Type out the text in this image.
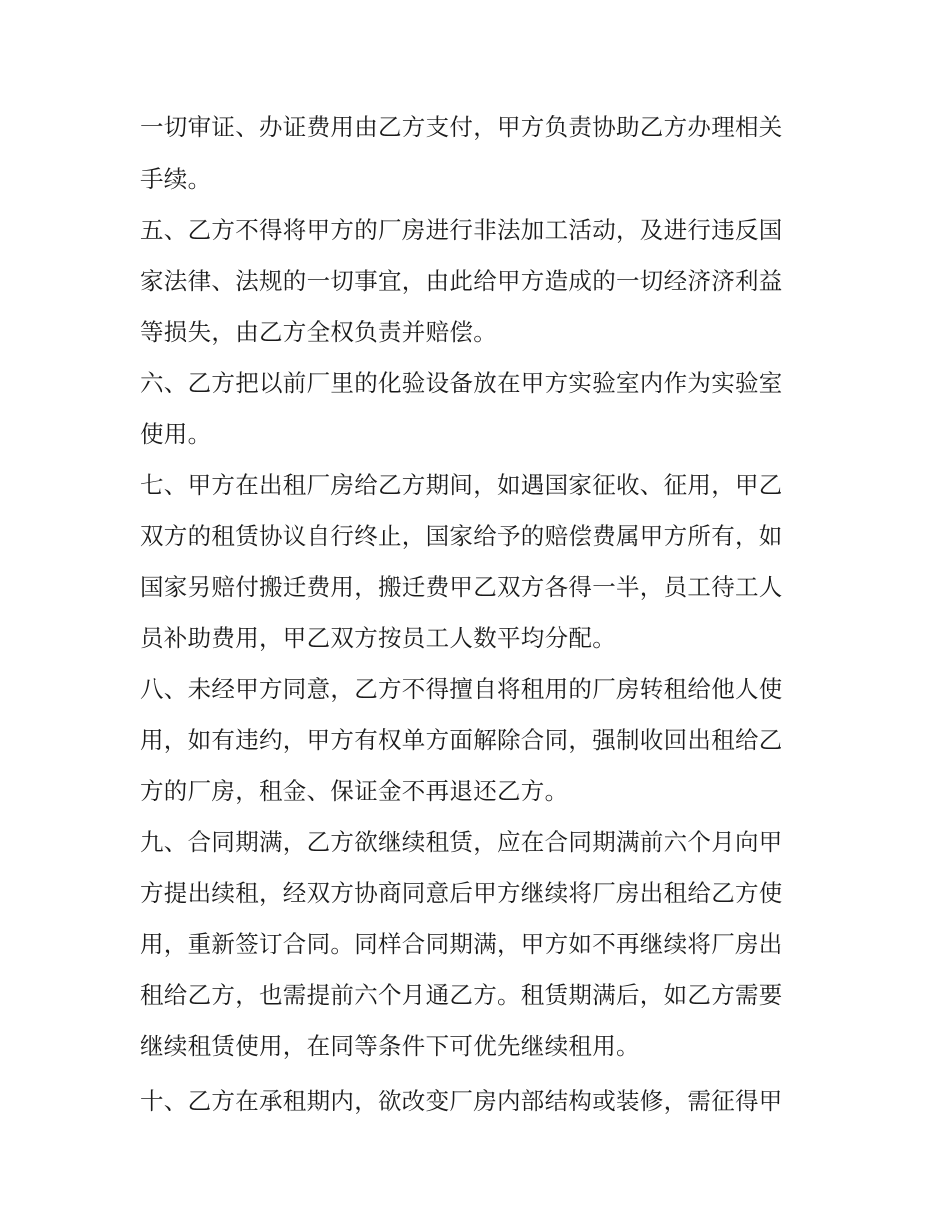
一切审证、办证费用由乙方支付，甲方负责协助乙方办理相关
手续。
五、乙方不得将甲方的厂房进行非法加工活动，及进行违反国
家法律、法规的一切事宜，由此给甲方造成的一切经济济利益
等损失，由乙方全权负责并赔偿。
六、乙方把以前厂里的化验设备放在甲方实验室内作为实验室
使用。
七、甲方在出租厂房给乙方期间，如遇国家征收、征用，甲乙
双方的租赁协议自行终止，国家给予的赔偿费属甲方所有，如
国家另赔付搬迁费用，搬迁费甲乙双方各得一半，员工待工人
员补助费用，甲乙双方按员工人数平均分配。
八、未经甲方同意，乙方不得擅自将租用的厂房转租给他人使
用，如有违约，甲方有权单方面解除合同，强制收回出租给乙
方的厂房，租金、保证金不再退还乙方。
九、合同期满，乙方欲继续租赁，应在合同期满前六个月向甲
方提出续租，经双方协商同意后甲方继续将厂房出租给乙方使
用，重新签订合同。同样合同期满，甲方如不再继续将厂房出
租给乙方，也需提前六个月通乙方。租赁期满后，如乙方需要
继续租赁使用，在同等条件下可优先继续租用。
十、乙方在承租期内，欲改变厂房内部结构或装修，需征得甲
